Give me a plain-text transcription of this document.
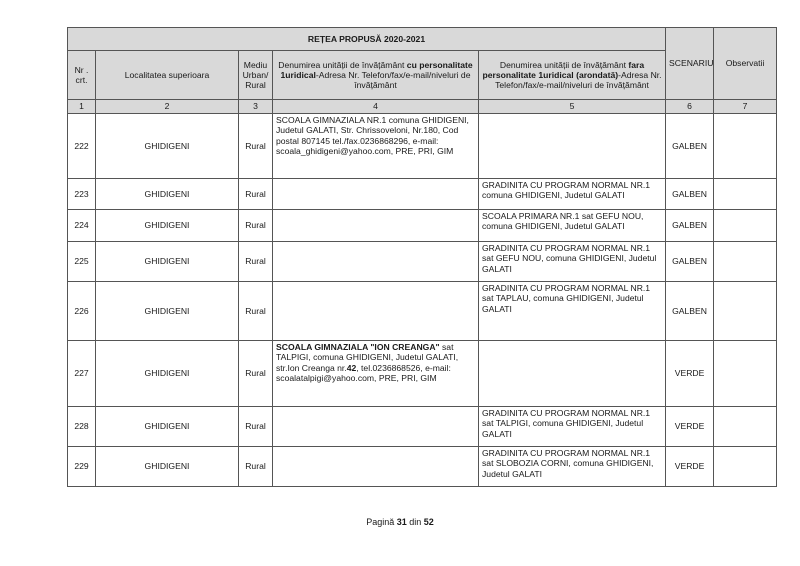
REȚEA PROPUSĂ 2020-2021					SCENARIU	Observatii
Nr . crt.	Localitatea superioara	Mediu Urban/ Rural	Denumirea unității de învățământ cu personalitate 1uridical-Adresa Nr. Telefon/fax/e-mail/niveluri de învățământ	Denumirea unității de învățământ fara personalitate 1uridical (arondată)-Adresa Nr. Telefon/fax/e-mail/niveluri de învățământ		
1	2	3	4	5	6	7
222	GHIDIGENI	Rural	SCOALA GIMNAZIALA NR.1 comuna GHIDIGENI, Judetul GALATI, Str. Chrissoveloni, Nr.180, Cod postal 807145 tel./fax.0236868296, e-mail: scoala_ghidigeni@yahoo.com, PRE, PRI, GIM		GALBEN	
223	GHIDIGENI	Rural		GRADINITA CU PROGRAM NORMAL NR.1 comuna GHIDIGENI, Judetul GALATI	GALBEN	
224	GHIDIGENI	Rural		SCOALA PRIMARA NR.1 sat GEFU NOU, comuna GHIDIGENI, Judetul GALATI	GALBEN	
225	GHIDIGENI	Rural		GRADINITA CU PROGRAM NORMAL NR.1 sat GEFU NOU, comuna GHIDIGENI, Judetul GALATI	GALBEN	
226	GHIDIGENI	Rural		GRADINITA CU PROGRAM NORMAL NR.1 sat TAPLAU, comuna GHIDIGENI, Judetul GALATI	GALBEN	
227	GHIDIGENI	Rural	SCOALA GIMNAZIALA "ION CREANGA" sat TALPIGI, comuna GHIDIGENI, Judetul GALATI, str.Ion Creanga nr.42, tel.0236868526, e-mail: scoalatalpigi@yahoo.com, PRE, PRI, GIM		VERDE	
228	GHIDIGENI	Rural		GRADINITA CU PROGRAM NORMAL NR.1 sat TALPIGI, comuna GHIDIGENI, Judetul GALATI	VERDE	
229	GHIDIGENI	Rural		GRADINITA CU PROGRAM NORMAL NR.1 sat SLOBOZIA CORNI, comuna GHIDIGENI, Judetul GALATI	VERDE	
Pagină 31 din 52
